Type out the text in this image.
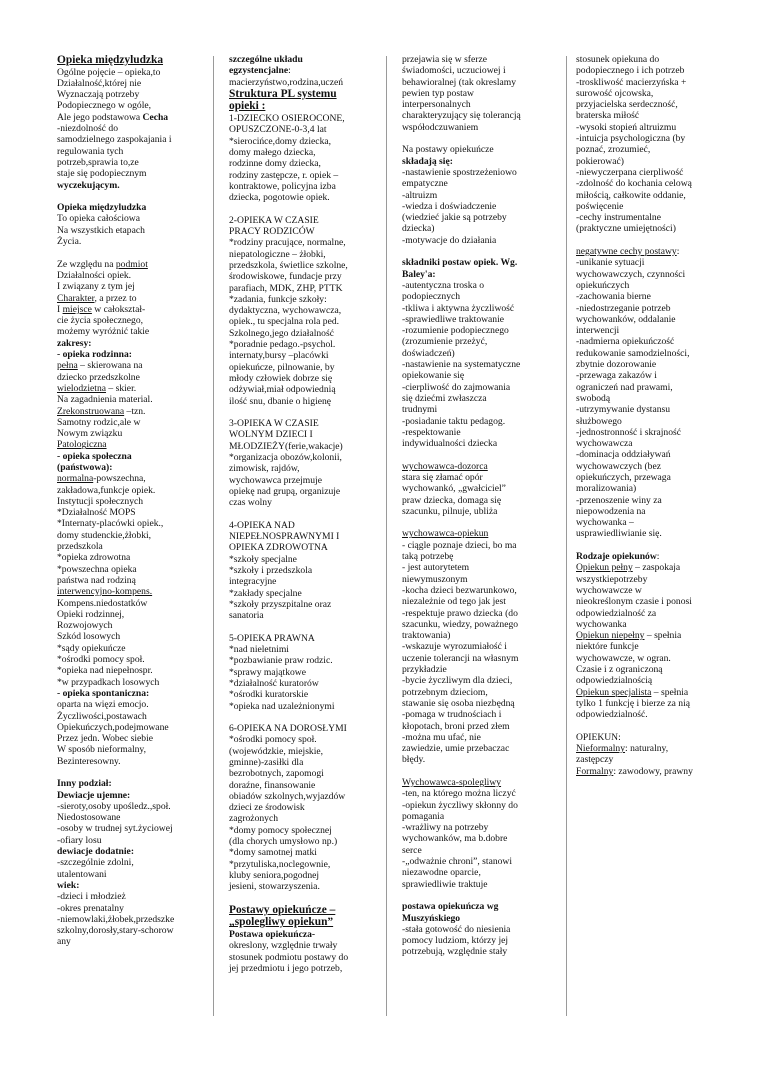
Opieka międzyludzka
Ogólne pojęcie – opieka,to
Działalność,której nie
Wyznaczają potrzeby
Podopiecznego w ogóle,
Ale jego podstawowa Cecha
-niezdolność do
samodzielnego zaspokajania i
regulowania tych
potrzeb,sprawia to,ze
staje się podopiecznym
wyczekującym.
Opieka międzyludzka
To opieka całościowa
Na wszystkich etapach
Życia.
Ze względu na podmiot
Działalności opiek.
I związany z tym jej
Charakter, a przez to
I miejsce w całokształ-
cie życia społecznego,
możemy wyróżnić takie
zakresy:
- opieka rodzinna:
pełna – skierowana na
dziecko przedszkolne
wielodzietna – skier.
Na zagadnienia material.
Zrekonstruowana –tzn.
Samotny rodzic,ale w
Nowym związku
Patologiczna
- opieka społeczna
(państwowa):
normalna-powszechna,
zakładowa,funkcje opiek.
Instytucji społecznych
*Działalność MOPS
*Internaty-placówki opiek.,
domy studenckie,żłobki,
przedszkola
*opieka zdrowotna
*powszechna opieka
państwa nad rodziną
interwencyjno-kompens.
Kompens.niedostatków
Opieki rodzinnej,
Rozwojowych
Szkód losowych
*sądy opiekuńcze
*ośrodki pomocy społ.
*opieka nad niepełnospr.
*w przypadkach losowych
- opieka spontaniczna:
oparta na więzi emocjo.
Życzliwości,postawach
Opiekuńczych,podejmowane
Przez jedn. Wobec siebie
W sposób nieformalny,
Bezinteresowny.
Inny podział:
Dewiacje ujemne:
-sieroty,osoby upośledz.,społ.
Niedostosowane
-osoby w trudnej syt.życiowej
-ofiary losu
dewiacje dodatnie:
-szczególnie zdolni,
utalentowani
wiek:
-dzieci i młodzież
-okres prenatalny
-niemowlaki,żłobek,przedszke
szkolny,dorosły,stary-schorow
any
szczególne układu
egzystencjalne:
macierzyństwo,rodzina,uczeń
Struktura PL systemu
opieki :
1-DZIECKO OSIEROCONE,
OPUSZCZONE-0-3,4 lat
*sierocińce,domy dziecka,
domy małego dziecka,
rodzinne domy dziecka,
rodziny zastępcze, r. opiek –
kontraktowe, policyjna izba
dziecka, pogotowie opiek.
2-OPIEKA W CZASIE
PRACY RODZICÓW
*rodziny pracujące, normalne,
niepatologiczne – żłobki,
przedszkola, świetlice szkolne,
środowiskowe, fundacje przy
parafiach, MDK, ZHP, PTTK
*zadania, funkcje szkoły:
dydaktyczna, wychowawcza,
opiek., tu specjalna rola ped.
Szkolnego,jego działalność
*poradnie pedago.-psychol.
internaty,bursy –placówki
opiekuńcze, pilnowanie, by
młody człowiek dobrze się
odżywiał,miał odpowiednią
ilość snu, dbanie o higienę
3-OPIEKA W CZASIE
WOLNYM DZIECI I
MŁODZIEŻY(ferie,wakacje)
*organizacja obozów,kolonii,
zimowisk, rajdów,
wychowawca przejmuje
opiekę nad grupą, organizuje
czas wolny
4-OPIEKA NAD
NIEPEŁNOSPRAWNYMI I
OPIEKA ZDROWOTNA
*szkoły specjalne
*szkoły i przedszkola
integracyjne
*zakłady specjalne
*szkoły przyszpitalne oraz
sanatoria
5-OPIEKA PRAWNA
*nad nieletnimi
*pozbawianie praw rodzic.
*sprawy majątkowe
*działalność kuratorów
*ośrodki kuratorskie
*opieka nad uzależnionymi
6-OPIEKA NA DOROSŁYMI
*ośrodki pomocy społ.
(wojewódzkie, miejskie,
gminne)-zasiłki dla
bezrobotnych, zapomogi
doraźne, finansowanie
obiadów szkolnych,wyjazdów
dzieci ze środowisk
zagrożonych
*domy pomocy społecznej
(dla chorych umysłowo np.)
*domy samotnej matki
*przytuliska,noclegownie,
kluby seniora,pogodnej
jesieni, stowarzyszenia.
Postawy opiekuńcze –
„spolegliwy opiekun”
Postawa opiekuńcza-
okreslony, względnie trwały
stosunek podmiotu postawy do
jej przedmiotu i jego potrzeb,
przejawia się w sferze
świadomości, uczuciowej i
behawioralnej (tak okreslamy
pewien typ postaw
interpersonalnych
charakteryzujący się tolerancją
współodczuwaniem
Na postawy opiekuńcze
składają się:
-nastawienie spostrzeżeniowo
empatyczne
-altruizm
-wiedza i doświadczenie
(wiedzieć jakie są potrzeby
dziecka)
-motywacje do działania
składniki postaw opiek. Wg.
Baley'a:
-autentyczna troska o
podopiecznych
-tkliwa i aktywna życzliwość
-sprawiedliwe traktowanie
-rozumienie podopiecznego
(zrozumienie przeżyć,
doświadczeń)
-nastawienie na systematyczne
opiekowanie się
-cierpliwość do zajmowania
się dziećmi zwłaszcza
trudnymi
-posiadanie taktu pedagog.
-respektowanie
indywidualności dziecka
wychowawca-dozorca
stara się złamać opór
wychowankó, „gwałciciel”
praw dziecka, domaga się
szacunku, pilnuje, ubliża
wychowawca-opiekun
- ciągle poznaje dzieci, bo ma
taką potrzebę
- jest autorytetem
niewymuszonym
-kocha dzieci bezwarunkowo,
niezależnie od tego jak jest
-respektuje prawo dziecka (do
szacunku, wiedzy, poważnego
traktowania)
-wskazuje wyrozumiałość i
uczenie tolerancji na własnym
przykładzie
-bycie życzliwym dla dzieci,
potrzebnym dzieciom,
stawanie się osoba niezbędną
-pomaga w trudnościach i
kłopotach, broni przed złem
-można mu ufać, nie
zawiedzie, umie przebaczac
błędy.
Wychowawca-spolegliwy
-ten, na którego można liczyć
-opiekun życzliwy skłonny do
pomagania
-wrażliwy na potrzeby
wychowanków, ma b.dobre
serce
-„odważnie chroni”, stanowi
niezawodne oparcie,
sprawiedliwie traktuje
postawa opiekuńcza wg
Muszyńskiego
-stała gotowość do niesienia
pomocy ludziom, którzy jej
potrzebują, względnie stały
stosunek opiekuna do
podopiecznego i ich potrzeb
-troskliwość macierzyńska +
surowość ojcowska,
przyjacielska serdeczność,
braterska miłość
-wysoki stopień altruizmu
-intuicja psychologiczna (by
poznać, zrozumieć,
pokierować)
-niewyczerpana cierpliwość
-zdolność do kochania celową
miłością, całkowite oddanie,
poświęcenie
-cechy instrumentalne
(praktyczne umiejętności)
negatywne cechy postawy:
-unikanie sytuacji
wychowawczych, czynności
opiekuńczych
-zachowania bierne
-niedostrzeganie potrzeb
wychowanków, oddalanie
interwencji
-nadmierna opiekuńczość
redukowanie samodzielności,
zbytnie dozorowanie
-przewaga zakazów i
ograniczeń nad prawami,
swobodą
-utrzymywanie dystansu
służbowego
-jednostronność i skrajność
wychowawcza
-dominacja oddziaływań
wychowawczych (bez
opiekuńczych, przewaga
moralizowania)
-przenoszenie winy za
niepowodzenia na
wychowanka –
usprawiedliwianie się.
Rodzaje opiekunów:
Opiekun pełny – zaspokaja
wszystkiepotrzeby
wychowawcze w
nieokreślonym czasie i ponosi
odpowiedzialność za
wychowanka
Opiekun niepełny – spełnia
niektóre funkcje
wychowawcze, w ogran.
Czasie i z ograniczoną
odpowiedzialnością
Opiekun specjalista – spełnia
tylko 1 funkcję i bierze za nią
odpowiedzialność.
OPIEKUN:
Nieformalny: naturalny,
zastępczy
Formalny: zawodowy, prawny
